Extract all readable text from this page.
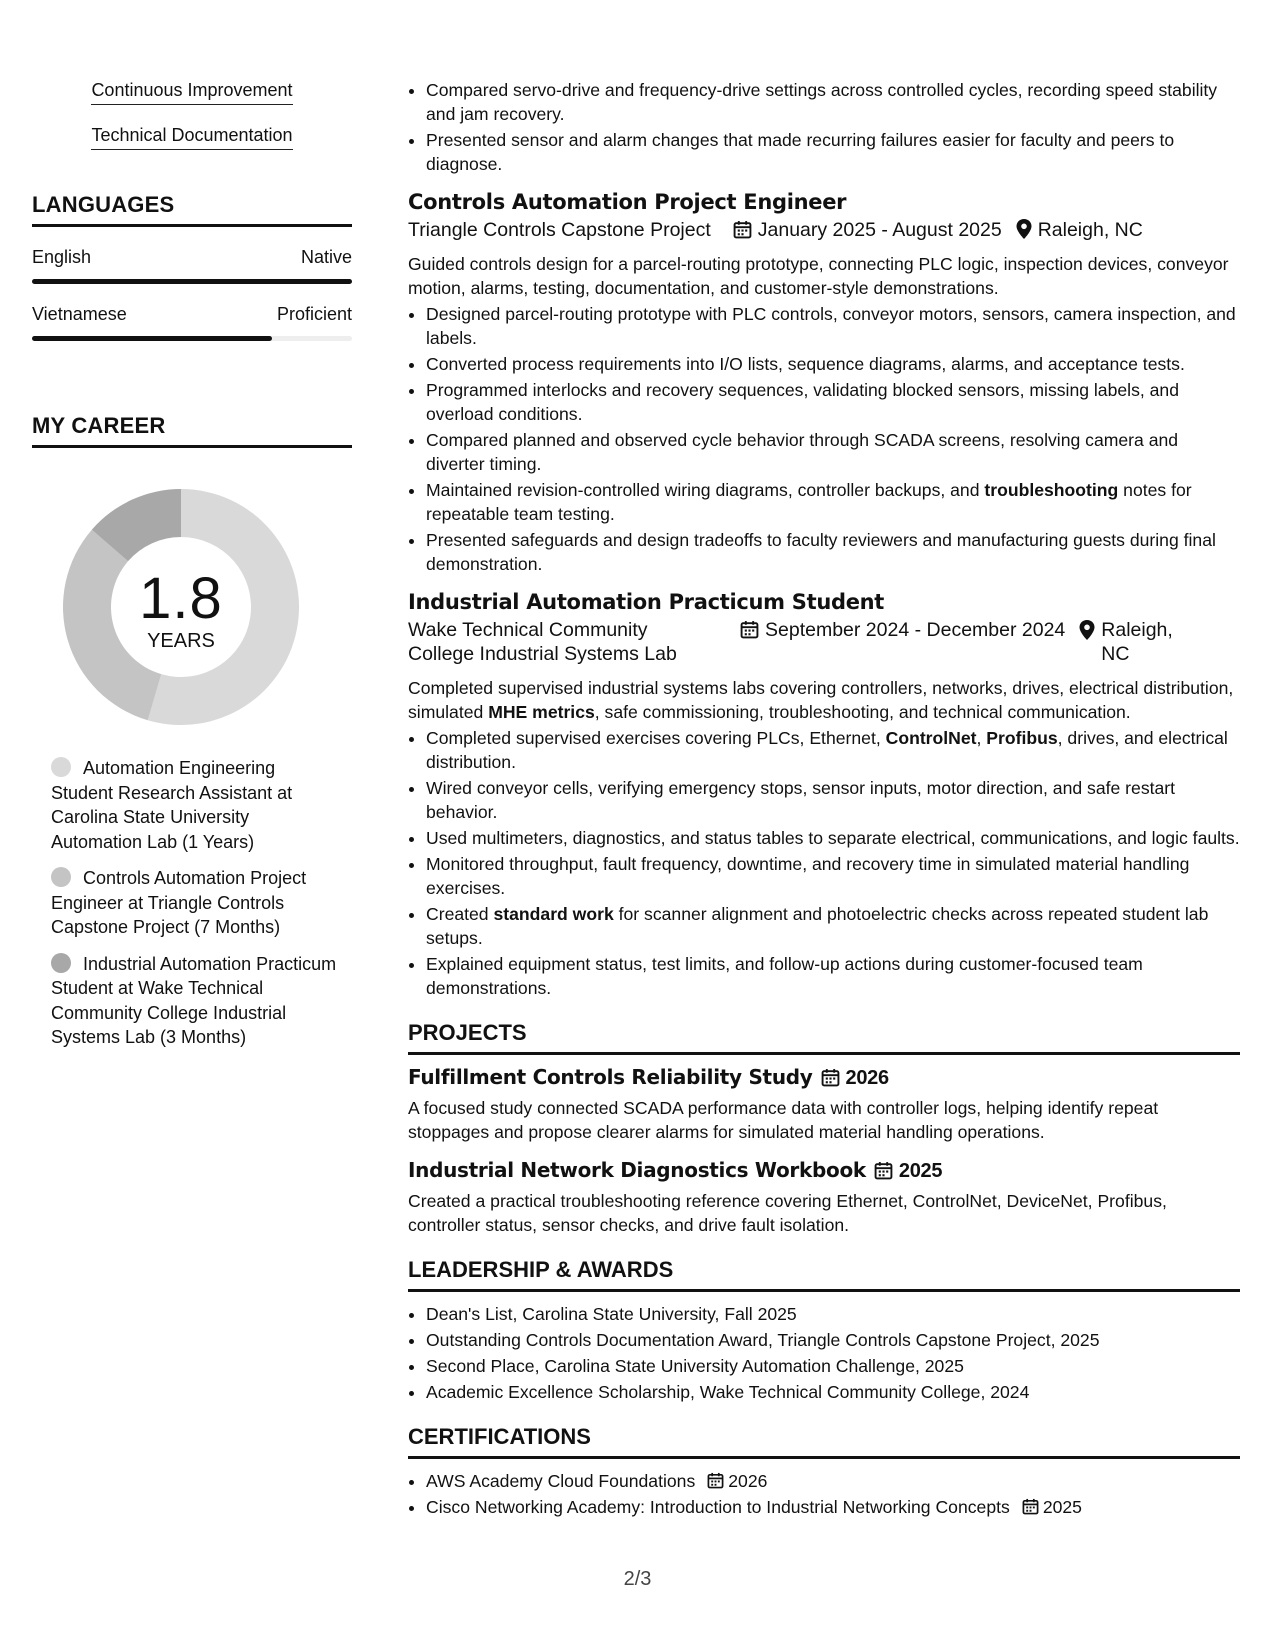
Continuous Improvement
Technical Documentation
LANGUAGES
English	Native
Vietnamese	Proficient
MY CAREER
1.8
YEARS
Automation Engineering Student Research Assistant at Carolina State University Automation Lab (1 Years)
Controls Automation Project Engineer at Triangle Controls Capstone Project (7 Months)
Industrial Automation Practicum Student at Wake Technical Community College Industrial Systems Lab (3 Months)
• Compared servo-drive and frequency-drive settings across controlled cycles, recording speed stability and jam recovery.
• Presented sensor and alarm changes that made recurring failures easier for faculty and peers to diagnose.
Controls Automation Project Engineer
Triangle Controls Capstone Project	January 2025 - August 2025	Raleigh, NC
Guided controls design for a parcel-routing prototype, connecting PLC logic, inspection devices, conveyor motion, alarms, testing, documentation, and customer-style demonstrations.
• Designed parcel-routing prototype with PLC controls, conveyor motors, sensors, camera inspection, and labels.
• Converted process requirements into I/O lists, sequence diagrams, alarms, and acceptance tests.
• Programmed interlocks and recovery sequences, validating blocked sensors, missing labels, and overload conditions.
• Compared planned and observed cycle behavior through SCADA screens, resolving camera and diverter timing.
• Maintained revision-controlled wiring diagrams, controller backups, and troubleshooting notes for repeatable team testing.
• Presented safeguards and design tradeoffs to faculty reviewers and manufacturing guests during final demonstration.
Industrial Automation Practicum Student
Wake Technical Community College Industrial Systems Lab
September 2024 - December 2024 Raleigh, NC
Completed supervised industrial systems labs covering controllers, networks, drives, electrical distribution, simulated MHE metrics, safe commissioning, troubleshooting, and technical communication.
• Completed supervised exercises covering PLCs, Ethernet, ControlNet, Profibus, drives, and electrical distribution.
• Wired conveyor cells, verifying emergency stops, sensor inputs, motor direction, and safe restart behavior.
• Used multimeters, diagnostics, and status tables to separate electrical, communications, and logic faults.
• Monitored throughput, fault frequency, downtime, and recovery time in simulated material handling exercises.
• Created standard work for scanner alignment and photoelectric checks across repeated student lab setups.
• Explained equipment status, test limits, and follow-up actions during customer-focused team demonstrations.
PROJECTS
Fulfillment Controls Reliability Study 2026
A focused study connected SCADA performance data with controller logs, helping identify repeat stoppages and propose clearer alarms for simulated material handling operations.
Industrial Network Diagnostics Workbook 2025
Created a practical troubleshooting reference covering Ethernet, ControlNet, DeviceNet, Profibus, controller status, sensor checks, and drive fault isolation.
LEADERSHIP & AWARDS
• Dean's List, Carolina State University, Fall 2025
• Outstanding Controls Documentation Award, Triangle Controls Capstone Project, 2025
• Second Place, Carolina State University Automation Challenge, 2025
• Academic Excellence Scholarship, Wake Technical Community College, 2024
CERTIFICATIONS
• AWS Academy Cloud Foundations 2026
• Cisco Networking Academy: Introduction to Industrial Networking Concepts 2025
2/3
